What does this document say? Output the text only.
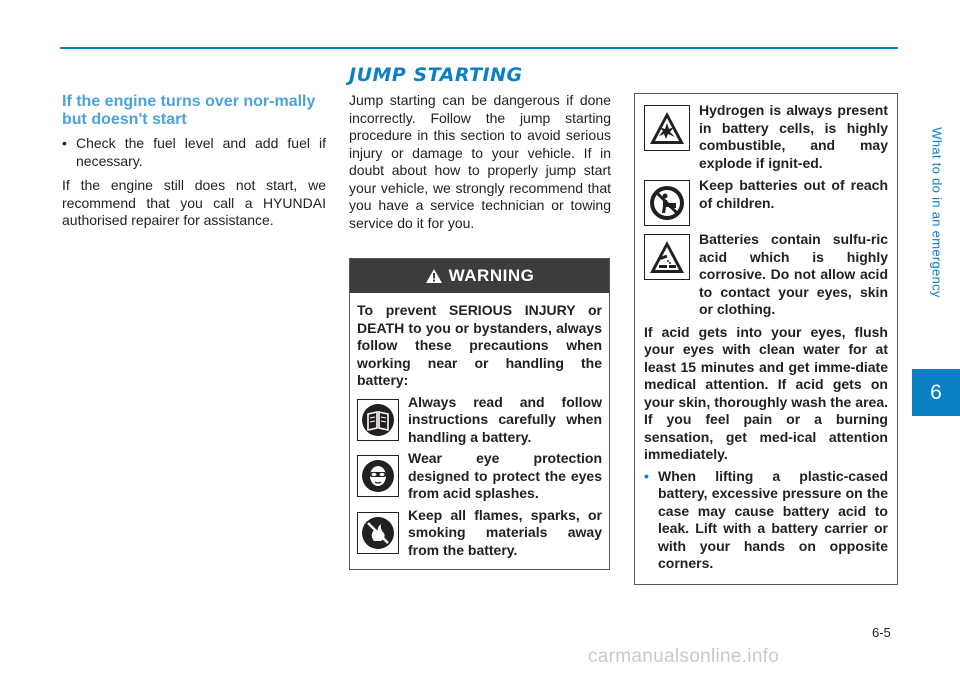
JUMP STARTING
What to do in an emergency
6
If the engine turns over nor-mally but doesn't start
• Check the fuel level and add fuel if necessary.

If the engine still does not start, we recommend that you call a HYUNDAI authorised repairer for assistance.

Jump starting can be dangerous if done incorrectly. Follow the jump starting procedure in this section to avoid serious injury or damage to your vehicle. If in doubt about how to properly jump start your vehicle, we strongly recommend that you have a service technician or towing service do it for you.

WARNING

To prevent SERIOUS INJURY or DEATH to you or bystanders, always follow these precautions when working near or handling the battery:

Always read and follow instructions carefully when handling a battery.
Wear eye protection designed to protect the eyes from acid splashes.
Keep all flames, sparks, or smoking materials away from the battery.
Hydrogen is always present in battery cells, is highly combustible, and may explode if ignit-ed.
Keep batteries out of reach of children.
Batteries contain sulfu-ric acid which is highly corrosive. Do not allow acid to contact your eyes, skin or clothing.

If acid gets into your eyes, flush your eyes with clean water for at least 15 minutes and get imme-diate medical attention. If acid gets on your skin, thoroughly wash the area. If you feel pain or a burning sensation, get med-ical attention immediately.

• When lifting a plastic-cased battery, excessive pressure on the case may cause battery acid to leak. Lift with a battery carrier or with your hands on opposite corners.
6-5
carmanualsonline.info
